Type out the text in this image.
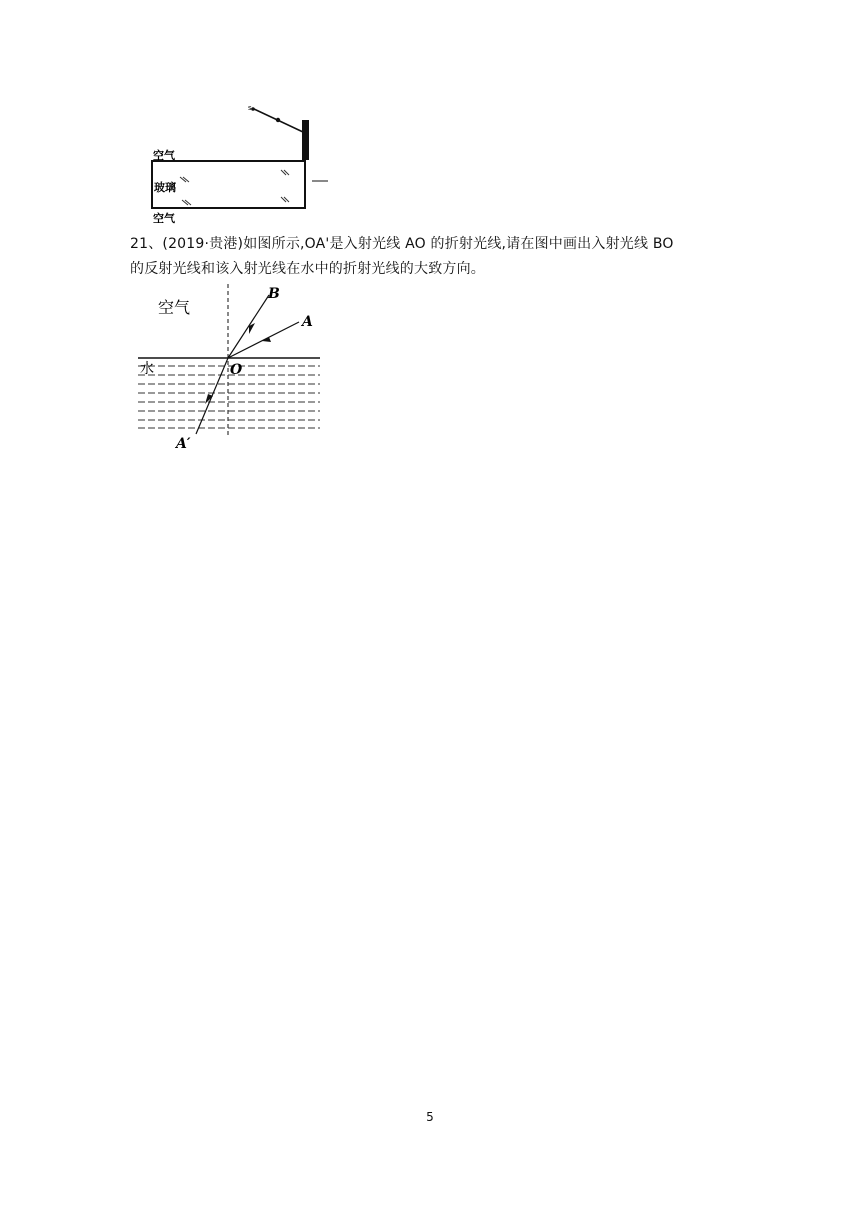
s
空气
玻璃
空气
21、(2019·贵港)如图所示,OA'是入射光线 AO 的折射光线,请在图中画出入射光线 BO
的反射光线和该入射光线在水中的折射光线的大致方向。
空气
水
B
A
O
A′
5
